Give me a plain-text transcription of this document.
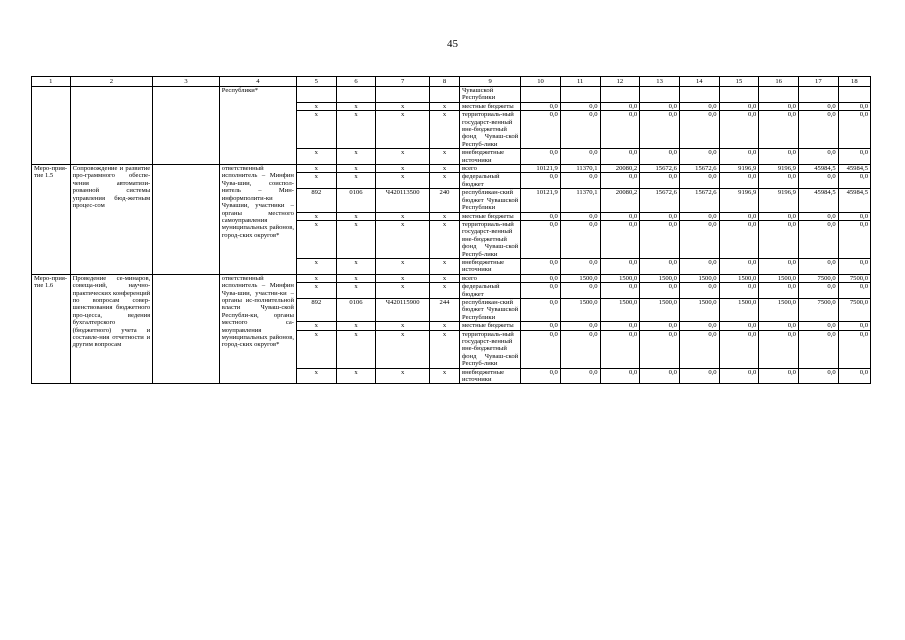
45
1	2	3	4	5	6	7	8	9	10	11	12	13	14	15	16	17	18
			Республики*					Чувашской Республики									
				х	х	х	х	местные бюджеты	0,0	0,0	0,0	0,0	0,0	0,0	0,0	0,0	0,0
				х	х	х	х	территориаль-ный государст-венный вне-бюджетный фонд Чуваш-ской Респуб-лики	0,0	0,0	0,0	0,0	0,0	0,0	0,0	0,0	0,0
				х	х	х	х	внебюджетные источники	0,0	0,0	0,0	0,0	0,0	0,0	0,0	0,0	0,0
Меро-прия-тие 1.5	Сопровождение и развитие про-граммного обеспе-чения автоматизи-рованной системы управления бюд-жетным процес-сом		ответственный исполнитель – Минфин Чува-шии, соиспол-нитель – Мин-информполити-ки Чувашии, участники – органы местного самоуправления муниципальных районов, город-ских округов*	х	х	х	х	всего	10121,9	11370,1	20080,2	15672,6	15672,6	9196,9	9196,9	45984,5	45984,5
				х	х	х	х	федеральный бюджет	0,0	0,0	0,0	0,0	0,0	0,0	0,0	0,0	0,0
				892	0106	Ч420113500	240	республикан-ский бюджет Чувашской Республики	10121,9	11370,1	20080,2	15672,6	15672,6	9196,9	9196,9	45984,5	45984,5
				х	х	х	х	местные бюджеты	0,0	0,0	0,0	0,0	0,0	0,0	0,0	0,0	0,0
				х	х	х	х	территориаль-ный государст-венный вне-бюджетный фонд Чуваш-ской Респуб-лики	0,0	0,0	0,0	0,0	0,0	0,0	0,0	0,0	0,0
				х	х	х	х	внебюджетные источники	0,0	0,0	0,0	0,0	0,0	0,0	0,0	0,0	0,0
Меро-прия-тие 1.6	Проведение се-минаров, совеща-ний, научно-практических конференций по вопросам совер-шенствования бюджетного про-цесса, ведения бухгалтерского (бюджетного) учета и составле-ния отчетности и другим вопросам		ответственный исполнитель – Минфин Чува-шии, участни-ки – органы ис-полнительной власти Чуваш-ской Республи-ки, органы местного са-моуправления муниципальных районов, город-ских округов*	х	х	х	х	всего	0,0	1500,0	1500,0	1500,0	1500,0	1500,0	1500,0	7500,0	7500,0
				х	х	х	х	федеральный бюджет	0,0	0,0	0,0	0,0	0,0	0,0	0,0	0,0	0,0
				892	0106	Ч420115900	244	республикан-ский бюджет Чувашской Республики	0,0	1500,0	1500,0	1500,0	1500,0	1500,0	1500,0	7500,0	7500,0
				х	х	х	х	местные бюджеты	0,0	0,0	0,0	0,0	0,0	0,0	0,0	0,0	0,0
				х	х	х	х	территориаль-ный государст-венный вне-бюджетный фонд Чуваш-ской Респуб-лики	0,0	0,0	0,0	0,0	0,0	0,0	0,0	0,0	0,0
				х	х	х	х	внебюджетные источники	0,0	0,0	0,0	0,0	0,0	0,0	0,0	0,0	0,0
